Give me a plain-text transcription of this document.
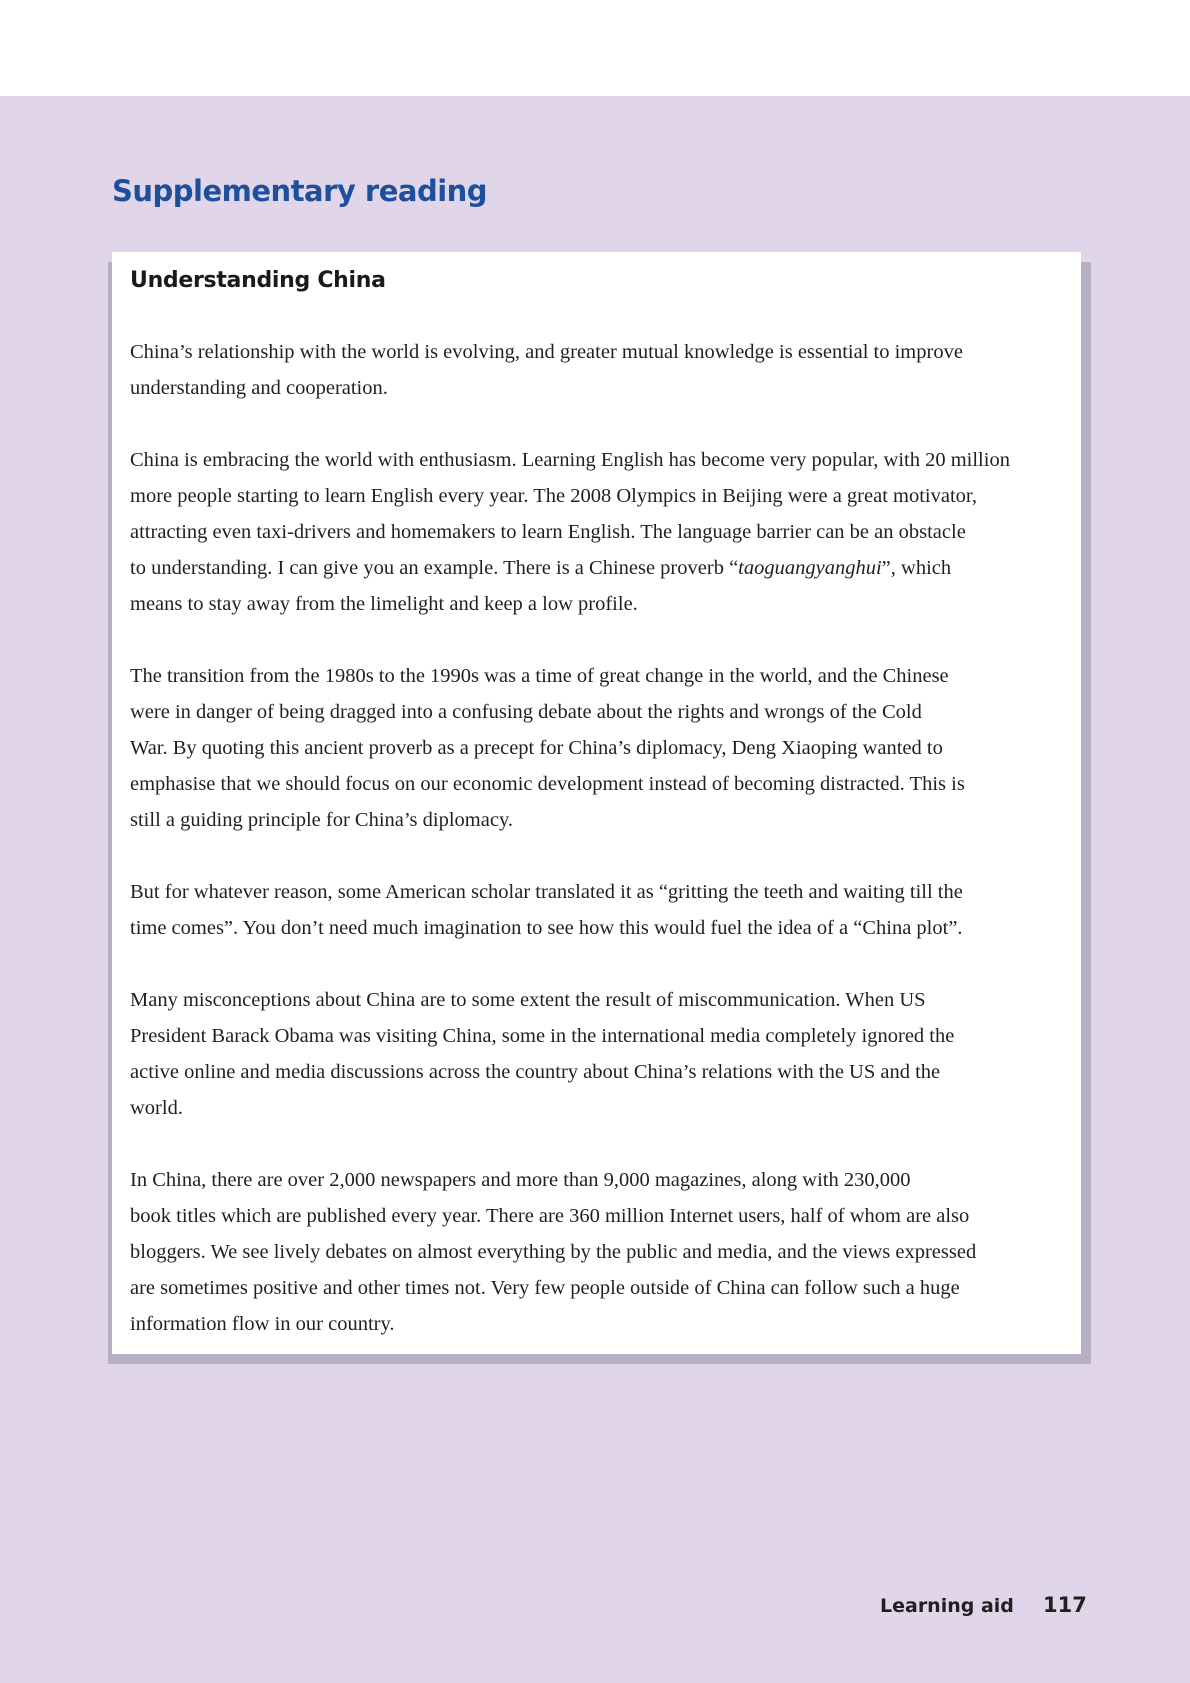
Supplementary reading
Understanding China

China’s relationship with the world is evolving, and greater mutual knowledge is essential to improve
understanding and cooperation.

China is embracing the world with enthusiasm. Learning English has become very popular, with 20 million
more people starting to learn English every year. The 2008 Olympics in Beijing were a great motivator,
attracting even taxi-drivers and homemakers to learn English. The language barrier can be an obstacle
to understanding. I can give you an example. There is a Chinese proverb “taoguangyanghui”, which
means to stay away from the limelight and keep a low profile.

The transition from the 1980s to the 1990s was a time of great change in the world, and the Chinese
were in danger of being dragged into a confusing debate about the rights and wrongs of the Cold
War. By quoting this ancient proverb as a precept for China’s diplomacy, Deng Xiaoping wanted to
emphasise that we should focus on our economic development instead of becoming distracted. This is
still a guiding principle for China’s diplomacy.

But for whatever reason, some American scholar translated it as “gritting the teeth and waiting till the
time comes”. You don’t need much imagination to see how this would fuel the idea of a “China plot”.

Many misconceptions about China are to some extent the result of miscommunication. When US
President Barack Obama was visiting China, some in the international media completely ignored the
active online and media discussions across the country about China’s relations with the US and the
world.

In China, there are over 2,000 newspapers and more than 9,000 magazines, along with 230,000
book titles which are published every year. There are 360 million Internet users, half of whom are also
bloggers. We see lively debates on almost everything by the public and media, and the views expressed
are sometimes positive and other times not. Very few people outside of China can follow such a huge
information flow in our country.

Learning aid 117
